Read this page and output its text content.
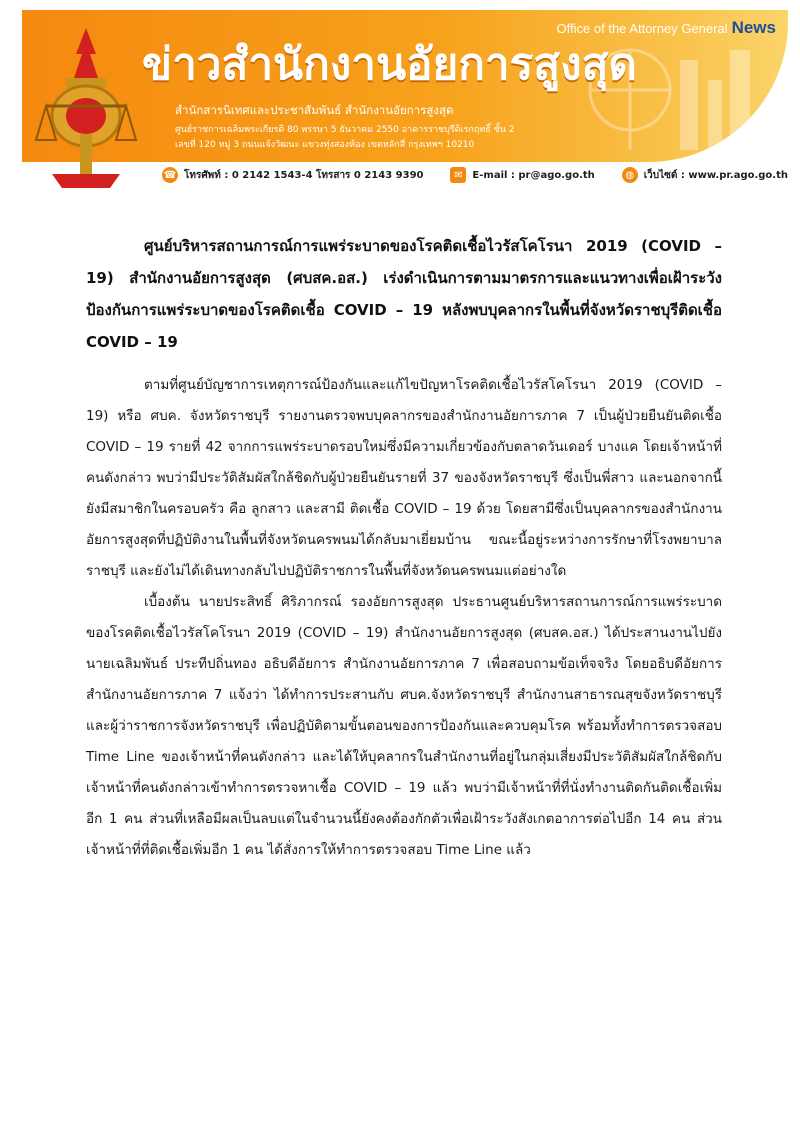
Office of the Attorney General News
ข่าวสำนักงานอัยการสูงสุด
สำนักสารนิเทศและประชาสัมพันธ์ สำนักงานอัยการสูงสุด
ศูนย์ราชการเฉลิมพระเกียรติ 80 พรรษา 5 ธันวาคม 2550 อาคารราชบุรีดิเรกฤทธิ์ ชั้น 2
เลขที่ 120 หมู่ 3 ถนนแจ้งวัฒนะ แขวงทุ่งสองห้อง เขตหลักสี่ กรุงเทพฯ 10210
☎ โทรศัพท์ : 0 2142 1543-4 โทรสาร 0 2143 9390	✉ E-mail : pr@ago.go.th	◍ เว็บไซต์ : www.pr.ago.go.th

ศูนย์บริหารสถานการณ์การแพร่ระบาดของโรคติดเชื้อไวรัสโคโรนา 2019 (COVID – 19) สำนักงานอัยการสูงสุด (ศบสค.อส.) เร่งดำเนินการตามมาตรการและแนวทางเพื่อเฝ้าระวังป้องกันการแพร่ระบาดของโรคติดเชื้อ COVID – 19 หลังพบบุคลากรในพื้นที่จังหวัดราชบุรีติดเชื้อ COVID – 19

ตามที่ศูนย์บัญชาการเหตุการณ์ป้องกันและแก้ไขปัญหาโรคติดเชื้อไวรัสโคโรนา 2019 (COVID – 19) หรือ ศบค. จังหวัดราชบุรี รายงานตรวจพบบุคลากรของสำนักงานอัยการภาค 7 เป็นผู้ป่วยยืนยันติดเชื้อ COVID – 19 รายที่ 42 จากการแพร่ระบาดรอบใหม่ซึ่งมีความเกี่ยวข้องกับตลาดวันเดอร์ บางแค โดยเจ้าหน้าที่คนดังกล่าว พบว่ามีประวัติสัมผัสใกล้ชิดกับผู้ป่วยยืนยันรายที่ 37 ของจังหวัดราชบุรี ซึ่งเป็นพี่สาว และนอกจากนี้ยังมีสมาชิกในครอบครัว คือ ลูกสาว และสามี ติดเชื้อ COVID – 19 ด้วย โดยสามีซึ่งเป็นบุคลากรของสำนักงานอัยการสูงสุดที่ปฏิบัติงานในพื้นที่จังหวัดนครพนมได้กลับมาเยี่ยมบ้าน ขณะนี้อยู่ระหว่างการรักษาที่โรงพยาบาลราชบุรี และยังไม่ได้เดินทางกลับไปปฏิบัติราชการในพื้นที่จังหวัดนครพนมแต่อย่างใด

เบื้องต้น นายประสิทธิ์ ศิริภากรณ์ รองอัยการสูงสุด ประธานศูนย์บริหารสถานการณ์การแพร่ระบาดของโรคติดเชื้อไวรัสโคโรนา 2019 (COVID – 19) สำนักงานอัยการสูงสุด (ศบสค.อส.) ได้ประสานงานไปยังนายเฉลิมพันธ์ ประทีปถิ่นทอง อธิบดีอัยการ สำนักงานอัยการภาค 7 เพื่อสอบถามข้อเท็จจริง โดยอธิบดีอัยการ สำนักงานอัยการภาค 7 แจ้งว่า ได้ทำการประสานกับ ศบค.จังหวัดราชบุรี สำนักงานสาธารณสุขจังหวัดราชบุรี และผู้ว่าราชการจังหวัดราชบุรี เพื่อปฏิบัติตามขั้นตอนของการป้องกันและควบคุมโรค พร้อมทั้งทำการตรวจสอบ Time Line ของเจ้าหน้าที่คนดังกล่าว และได้ให้บุคลากรในสำนักงานที่อยู่ในกลุ่มเสี่ยงมีประวัติสัมผัสใกล้ชิดกับเจ้าหน้าที่คนดังกล่าวเข้าทำการตรวจหาเชื้อ COVID – 19 แล้ว พบว่ามีเจ้าหน้าที่ที่นั่งทำงานติดกันติดเชื้อเพิ่มอีก 1 คน ส่วนที่เหลือมีผลเป็นลบแต่ในจำนวนนี้ยังคงต้องกักตัวเพื่อเฝ้าระวังสังเกตอาการต่อไปอีก 14 คน ส่วนเจ้าหน้าที่ที่ติดเชื้อเพิ่มอีก 1 คน ได้สั่งการให้ทำการตรวจสอบ Time Line แล้ว
